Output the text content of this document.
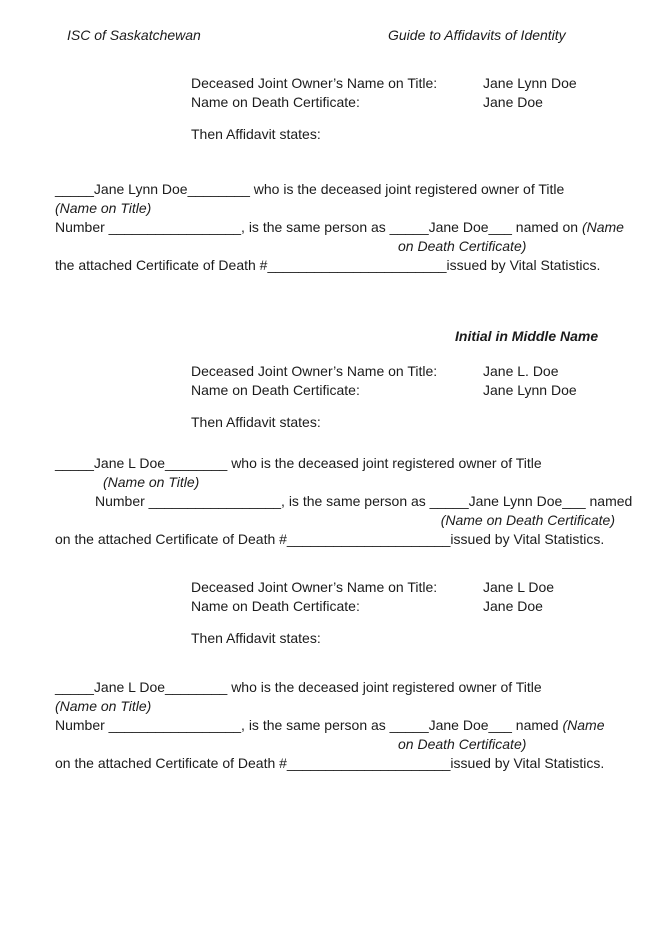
ISC of Saskatchewan	Guide to Affidavits of Identity
Deceased Joint Owner’s Name on Title:	Jane Lynn Doe
Name on Death Certificate:	Jane Doe
Then Affidavit states:
_____Jane Lynn Doe________ who is the deceased joint registered owner of Title
(Name on Title)
Number _________________, is the same person as _____Jane Doe___ named on (Name
on Death Certificate)
the attached Certificate of Death #_______________________issued by Vital Statistics.
Initial in Middle Name
Deceased Joint Owner’s Name on Title:	Jane L. Doe
Name on Death Certificate:	Jane Lynn Doe
Then Affidavit states:
_____Jane L Doe________ who is the deceased joint registered owner of Title
(Name on Title)
Number _________________, is the same person as _____Jane Lynn Doe___ named
(Name on Death Certificate)
on the attached Certificate of Death #_____________________issued by Vital Statistics.
Deceased Joint Owner’s Name on Title:	Jane L Doe
Name on Death Certificate:	Jane Doe
Then Affidavit states:
_____Jane L Doe________ who is the deceased joint registered owner of Title
(Name on Title)
Number _________________, is the same person as _____Jane Doe___ named (Name
on Death Certificate)
on the attached Certificate of Death #_____________________issued by Vital Statistics.
